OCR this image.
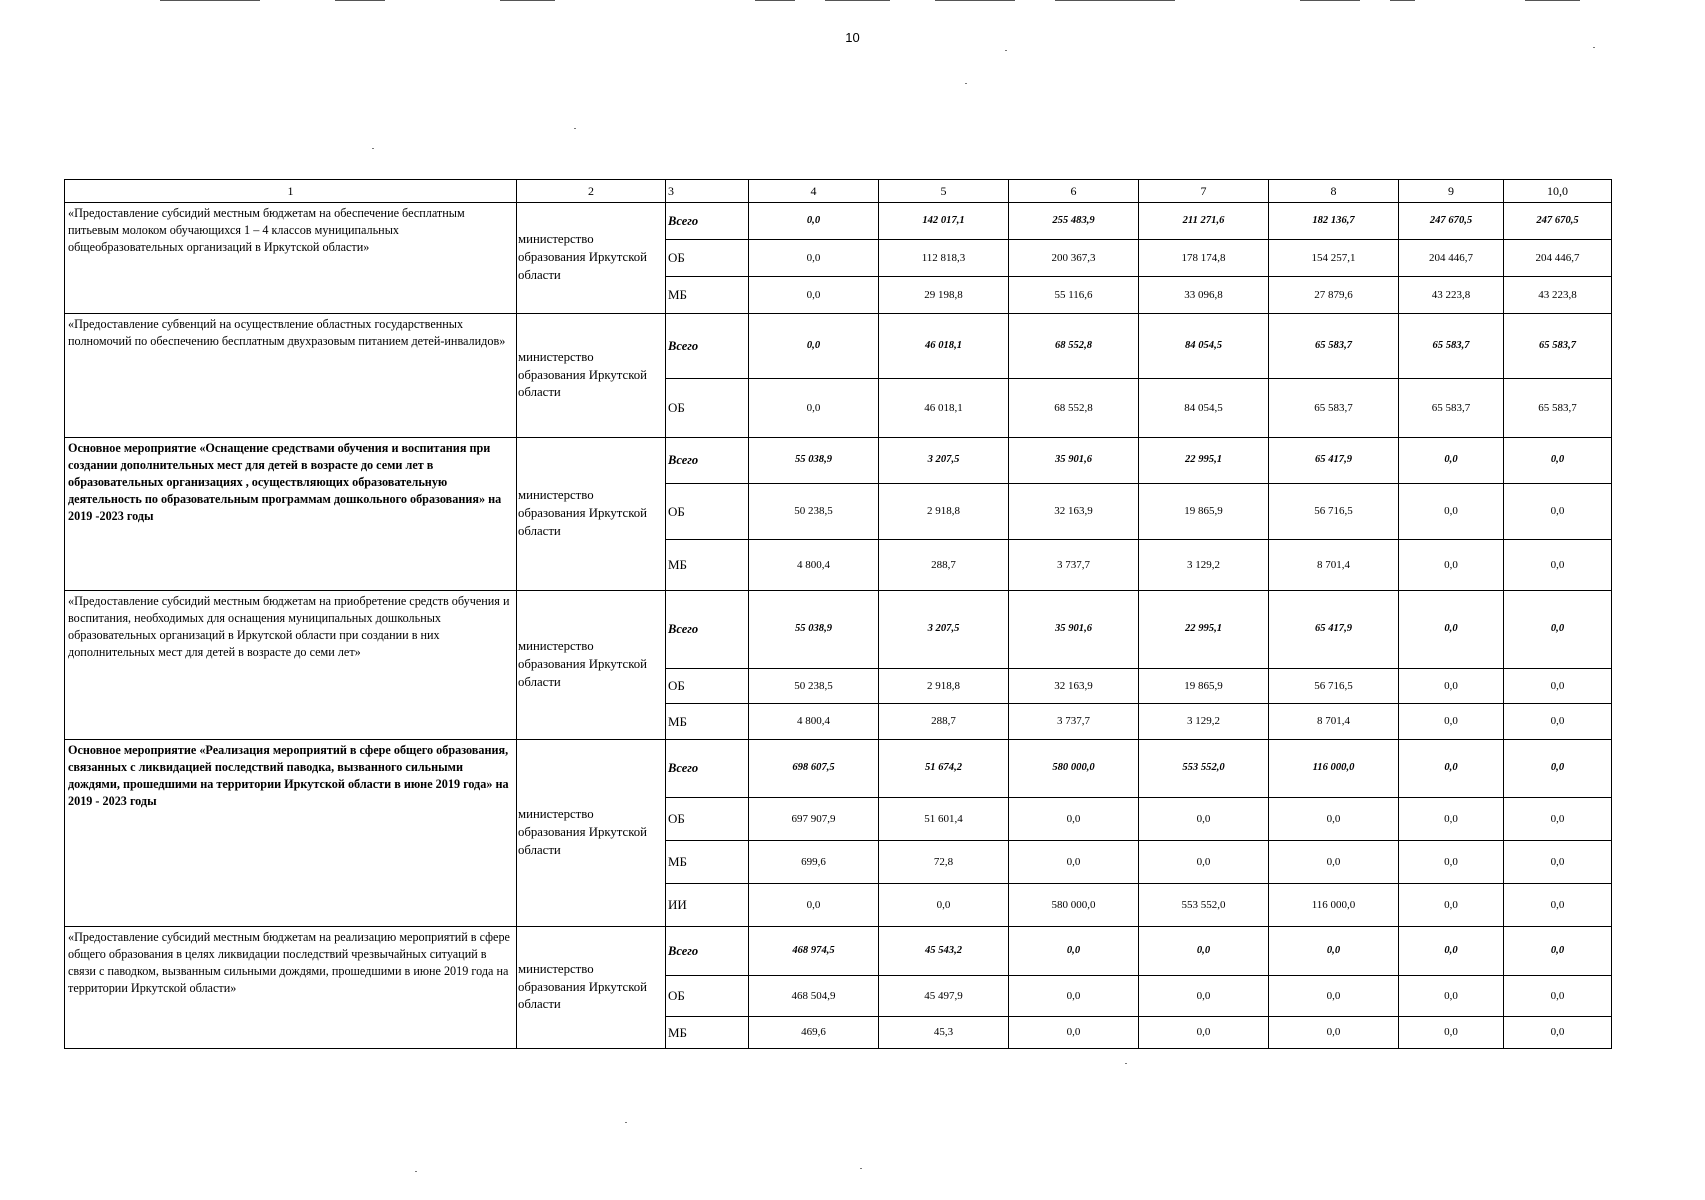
10
1	2	3	4	5	6	7	8	9	10,0
«Предоставление субсидий местным бюджетам на обеспечение бесплатным питьевым молоком обучающихся 1 – 4 классов муниципальных общеобразовательных организаций в Иркутской области»	министерство образования Иркутской области	Всего	0,0	142 017,1	255 483,9	211 271,6	182 136,7	247 670,5	247 670,5
		ОБ	0,0	112 818,3	200 367,3	178 174,8	154 257,1	204 446,7	204 446,7
		МБ	0,0	29 198,8	55 116,6	33 096,8	27 879,6	43 223,8	43 223,8
«Предоставление субвенций на осуществление областных государственных полномочий по обеспечению бесплатным двухразовым питанием детей-инвалидов»	министерство образования Иркутской области	Всего	0,0	46 018,1	68 552,8	84 054,5	65 583,7	65 583,7	65 583,7
		ОБ	0,0	46 018,1	68 552,8	84 054,5	65 583,7	65 583,7	65 583,7
Основное мероприятие «Оснащение средствами обучения и воспитания при создании дополнительных мест для детей в возрасте до семи лет в образовательных организациях , осуществляющих образовательную деятельность по образовательным программам дошкольного образования» на 2019 -2023 годы	министерство образования Иркутской области	Всего	55 038,9	3 207,5	35 901,6	22 995,1	65 417,9	0,0	0,0
		ОБ	50 238,5	2 918,8	32 163,9	19 865,9	56 716,5	0,0	0,0
		МБ	4 800,4	288,7	3 737,7	3 129,2	8 701,4	0,0	0,0
«Предоставление субсидий местным бюджетам на приобретение средств обучения и воспитания, необходимых для оснащения муниципальных дошкольных образовательных организаций в Иркутской области при создании в них дополнительных мест для детей в возрасте до семи лет»	министерство образования Иркутской области	Всего	55 038,9	3 207,5	35 901,6	22 995,1	65 417,9	0,0	0,0
		ОБ	50 238,5	2 918,8	32 163,9	19 865,9	56 716,5	0,0	0,0
		МБ	4 800,4	288,7	3 737,7	3 129,2	8 701,4	0,0	0,0
Основное мероприятие «Реализация мероприятий в сфере общего образования, связанных с ликвидацией последствий паводка, вызванного сильными дождями, прошедшими на территории Иркутской области в июне 2019 года» на 2019 - 2023 годы	министерство образования Иркутской области	Всего	698 607,5	51 674,2	580 000,0	553 552,0	116 000,0	0,0	0,0
		ОБ	697 907,9	51 601,4	0,0	0,0	0,0	0,0	0,0
		МБ	699,6	72,8	0,0	0,0	0,0	0,0	0,0
		ИИ	0,0	0,0	580 000,0	553 552,0	116 000,0	0,0	0,0
«Предоставление субсидий местным бюджетам на реализацию мероприятий в сфере общего образования в целях ликвидации последствий чрезвычайных ситуаций в связи с паводком, вызванным сильными дождями, прошедшими в июне 2019 года на территории Иркутской области»	министерство образования Иркутской области	Всего	468 974,5	45 543,2	0,0	0,0	0,0	0,0	0,0
		ОБ	468 504,9	45 497,9	0,0	0,0	0,0	0,0	0,0
		МБ	469,6	45,3	0,0	0,0	0,0	0,0	0,0
